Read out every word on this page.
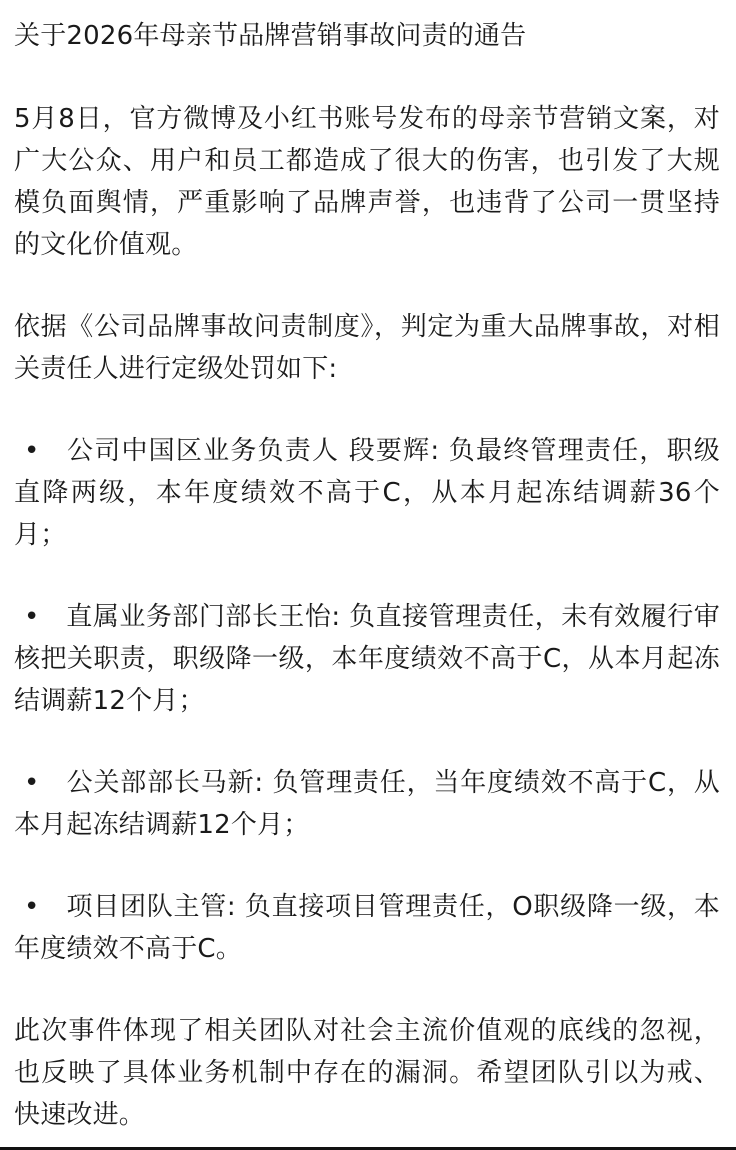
关于2026年母亲节品牌营销事故问责的通告
5月8日，官方微博及小红书账号发布的母亲节营销文案，对广大公众、用户和员工都造成了很大的伤害，也引发了大规模负面舆情，严重影响了品牌声誉，也违背了公司一贯坚持的文化价值观。
依据《公司品牌事故问责制度》，判定为重大品牌事故，对相关责任人进行定级处罚如下:
• 公司中国区业务负责人 段要辉: 负最终管理责任，职级直降两级，本年度绩效不高于C，从本月起冻结调薪36个月；
• 直属业务部门部长王怡: 负直接管理责任，未有效履行审核把关职责，职级降一级，本年度绩效不高于C，从本月起冻结调薪12个月；
• 公关部部长马新: 负管理责任，当年度绩效不高于C，从本月起冻结调薪12个月；
• 项目团队主管: 负直接项目管理责任，O职级降一级，本年度绩效不高于C。
此次事件体现了相关团队对社会主流价值观的底线的忽视，也反映了具体业务机制中存在的漏洞。希望团队引以为戒、快速改进。
